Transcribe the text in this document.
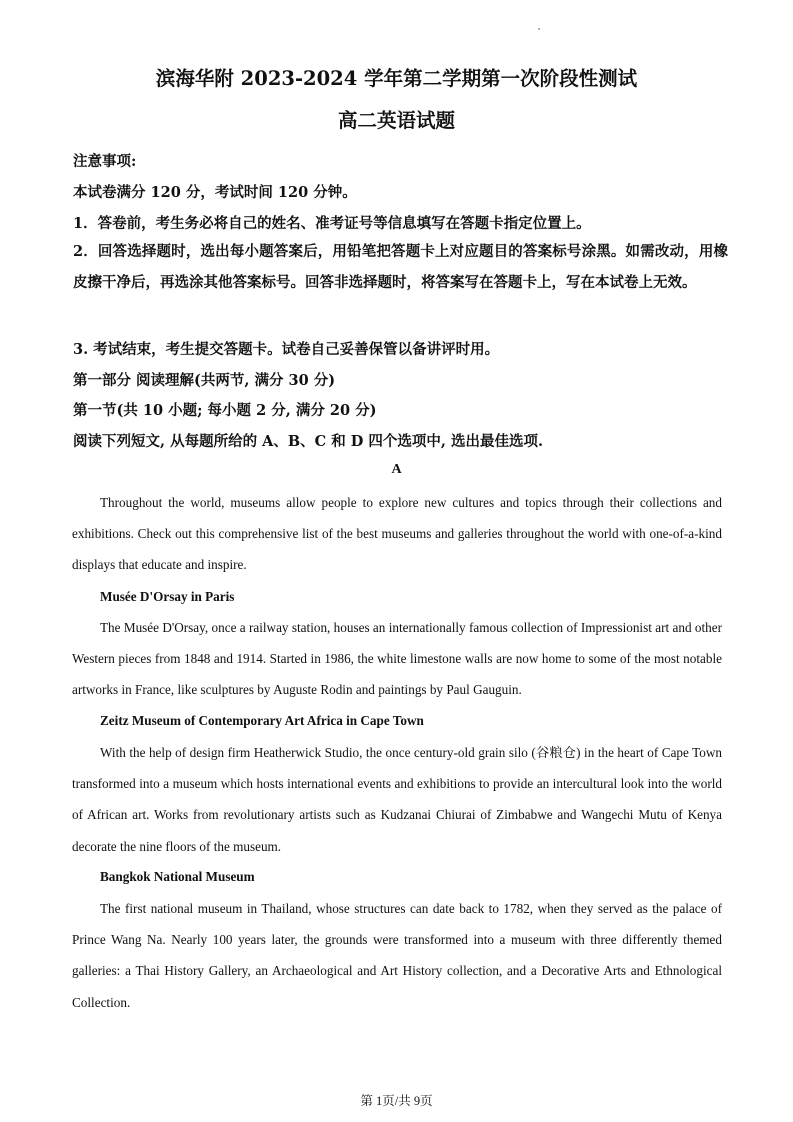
滨海华附 2023-2024 学年第二学期第一次阶段性测试
高二英语试题
注意事项:
本试卷满分 120 分，考试时间 120 分钟。
1．答卷前，考生务必将自己的姓名、准考证号等信息填写在答题卡指定位置上。
2．回答选择题时，选出每小题答案后，用铅笔把答题卡上对应题目的答案标号涂黑。如需改动，用橡皮擦干净后，再选涂其他答案标号。回答非选择题时，将答案写在答题卡上，写在本试卷上无效。
3. 考试结束，考生提交答题卡。试卷自己妥善保管以备讲评时用。
第一部分 阅读理解(共两节, 满分 30 分)
第一节(共 10 小题; 每小题 2 分, 满分 20 分)
阅读下列短文, 从每题所给的 A、B、C 和 D 四个选项中, 选出最佳选项.
A
Throughout the world, museums allow people to explore new cultures and topics through their collections and exhibitions. Check out this comprehensive list of the best museums and galleries throughout the world with one-of-a-kind displays that educate and inspire.
Musée D'Orsay in Paris
The Musée D'Orsay, once a railway station, houses an internationally famous collection of Impressionist art and other Western pieces from 1848 and 1914. Started in 1986, the white limestone walls are now home to some of the most notable artworks in France, like sculptures by Auguste Rodin and paintings by Paul Gauguin.
Zeitz Museum of Contemporary Art Africa in Cape Town
With the help of design firm Heatherwick Studio, the once century-old grain silo (谷粮仓) in the heart of Cape Town transformed into a museum which hosts international events and exhibitions to provide an intercultural look into the world of African art. Works from revolutionary artists such as Kudzanai Chiurai of Zimbabwe and Wangechi Mutu of Kenya decorate the nine floors of the museum.
Bangkok National Museum
The first national museum in Thailand, whose structures can date back to 1782, when they served as the palace of Prince Wang Na. Nearly 100 years later, the grounds were transformed into a museum with three differently themed galleries: a Thai History Gallery, an Archaeological and Art History collection, and a Decorative Arts and Ethnological Collection.
第 1页/共 9页
